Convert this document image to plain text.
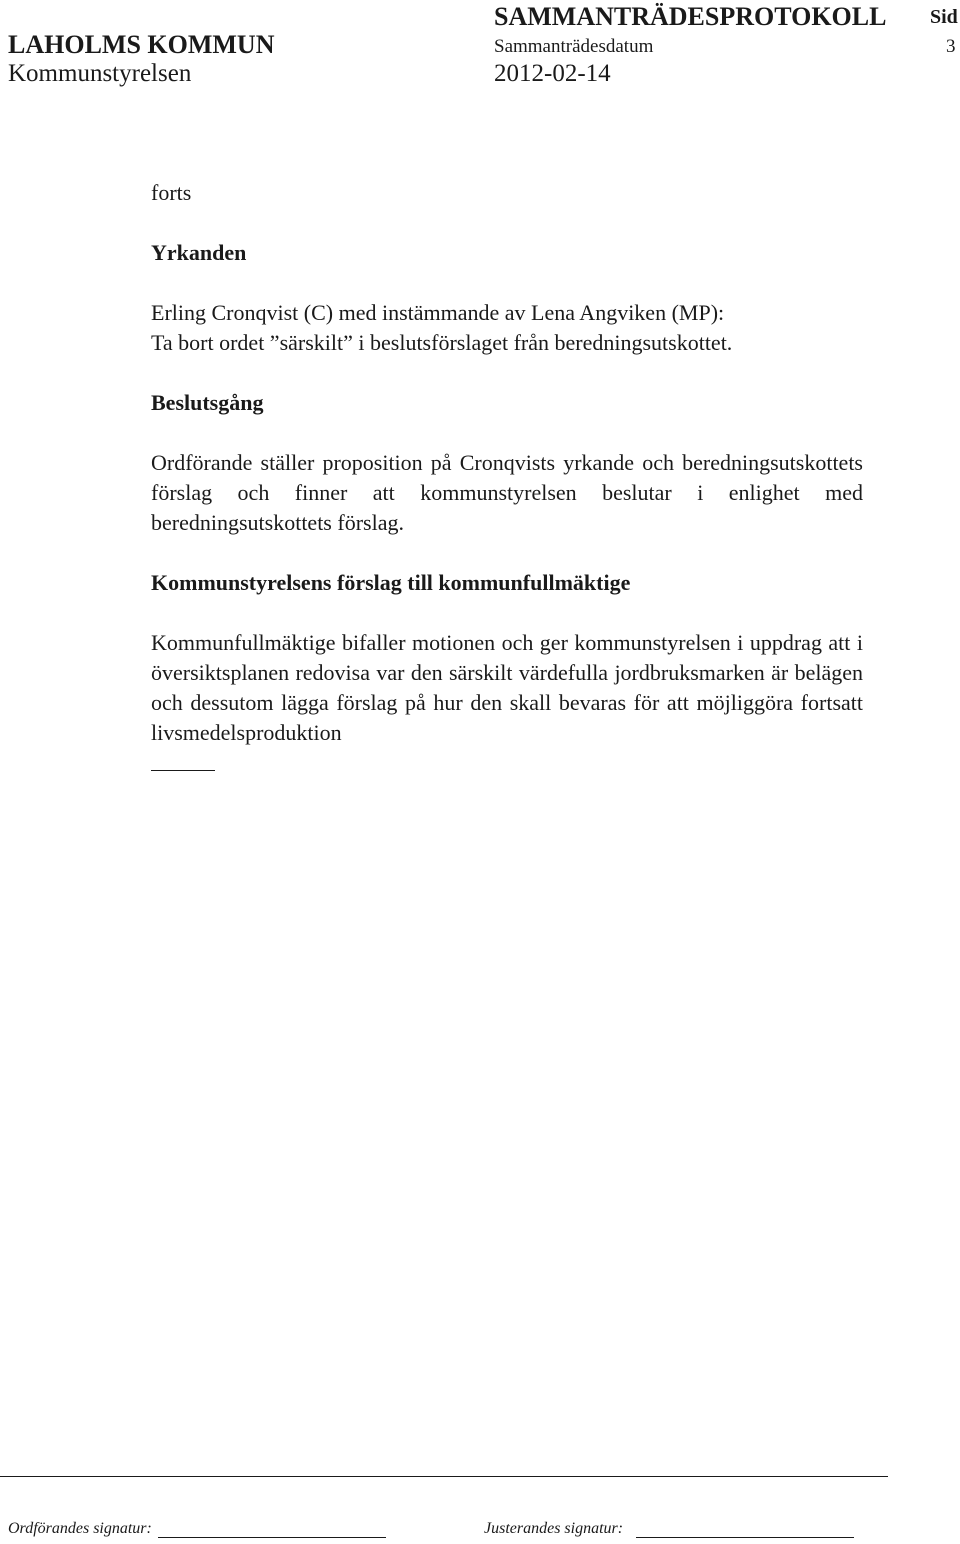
SAMMANTRÄDESPROTOKOLL Sid
LAHOLMS KOMMUN	Sammanträdesdatum	3
Kommunstyrelsen	2012-02-14
forts
Yrkanden
Erling Cronqvist (C) med instämmande av Lena Angviken (MP):
Ta bort ordet ”särskilt” i beslutsförslaget från beredningsutskottet.
Beslutsgång
Ordförande ställer proposition på Cronqvists yrkande och beredningsutskottets förslag och finner att kommunstyrelsen beslutar i enlighet med beredningsutskottets förslag.
Kommunstyrelsens förslag till kommunfullmäktige
Kommunfullmäktige bifaller motionen och ger kommunstyrelsen i uppdrag att i översiktsplanen redovisa var den särskilt värdefulla jordbruksmarken är belägen och dessutom lägga förslag på hur den skall bevaras för att möjliggöra fortsatt livsmedelsproduktion
Ordförandes signatur:	Justerandes signatur:
